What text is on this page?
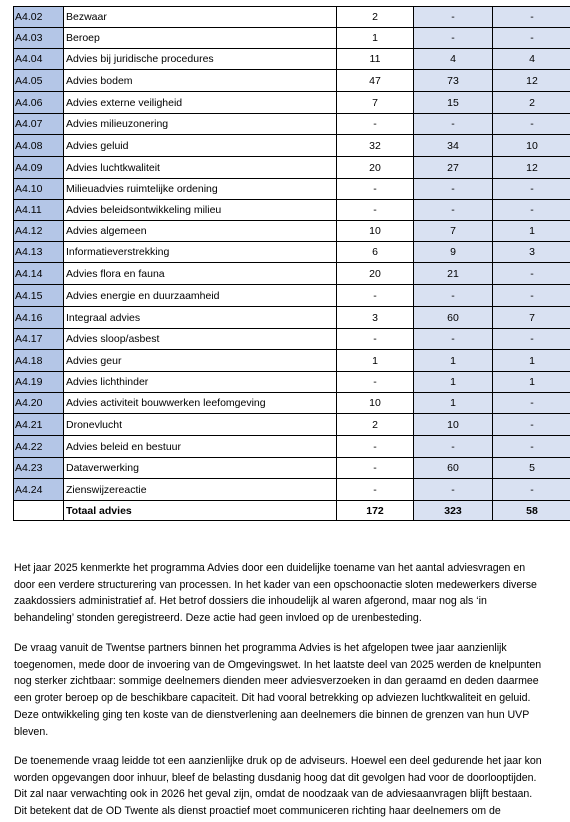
A4.02	Bezwaar	2	-	-
A4.03	Beroep	1	-	-
A4.04	Advies bij juridische procedures	11	4	4
A4.05	Advies bodem	47	73	12
A4.06	Advies externe veiligheid	7	15	2
A4.07	Advies milieuzonering	-	-	-
A4.08	Advies geluid	32	34	10
A4.09	Advies luchtkwaliteit	20	27	12
A4.10	Milieuadvies ruimtelijke ordening	-	-	-
A4.11	Advies beleidsontwikkeling milieu	-	-	-
A4.12	Advies algemeen	10	7	1
A4.13	Informatieverstrekking	6	9	3
A4.14	Advies flora en fauna	20	21	-
A4.15	Advies energie en duurzaamheid	-	-	-
A4.16	Integraal advies	3	60	7
A4.17	Advies sloop/asbest	-	-	-
A4.18	Advies geur	1	1	1
A4.19	Advies lichthinder	-	1	1
A4.20	Advies activiteit bouwwerken leefomgeving	10	1	-
A4.21	Dronevlucht	2	10	-
A4.22	Advies beleid en bestuur	-	-	-
A4.23	Dataverwerking	-	60	5
A4.24	Zienswijzereactie	-	-	-
	Totaal advies	172	323	58

Het jaar 2025 kenmerkte het programma Advies door een duidelijke toename van het aantal adviesvragen en
door een verdere structurering van processen. In het kader van een opschoonactie sloten medewerkers diverse
zaakdossiers administratief af. Het betrof dossiers die inhoudelijk al waren afgerond, maar nog als ‘in
behandeling’ stonden geregistreerd. Deze actie had geen invloed op de urenbesteding.

De vraag vanuit de Twentse partners binnen het programma Advies is het afgelopen twee jaar aanzienlijk
toegenomen, mede door de invoering van de Omgevingswet. In het laatste deel van 2025 werden de knelpunten
nog sterker zichtbaar: sommige deelnemers dienden meer adviesverzoeken in dan geraamd en deden daarmee
een groter beroep op de beschikbare capaciteit. Dit had vooral betrekking op adviezen luchtkwaliteit en geluid.
Deze ontwikkeling ging ten koste van de dienstverlening aan deelnemers die binnen de grenzen van hun UVP
bleven.

De toenemende vraag leidde tot een aanzienlijke druk op de adviseurs. Hoewel een deel gedurende het jaar kon
worden opgevangen door inhuur, bleef de belasting dusdanig hoog dat dit gevolgen had voor de doorlooptijden.
Dit zal naar verwachting ook in 2026 het geval zijn, omdat de noodzaak van de adviesaanvragen blijft bestaan.
Dit betekent dat de OD Twente als dienst proactief moet communiceren richting haar deelnemers om de
